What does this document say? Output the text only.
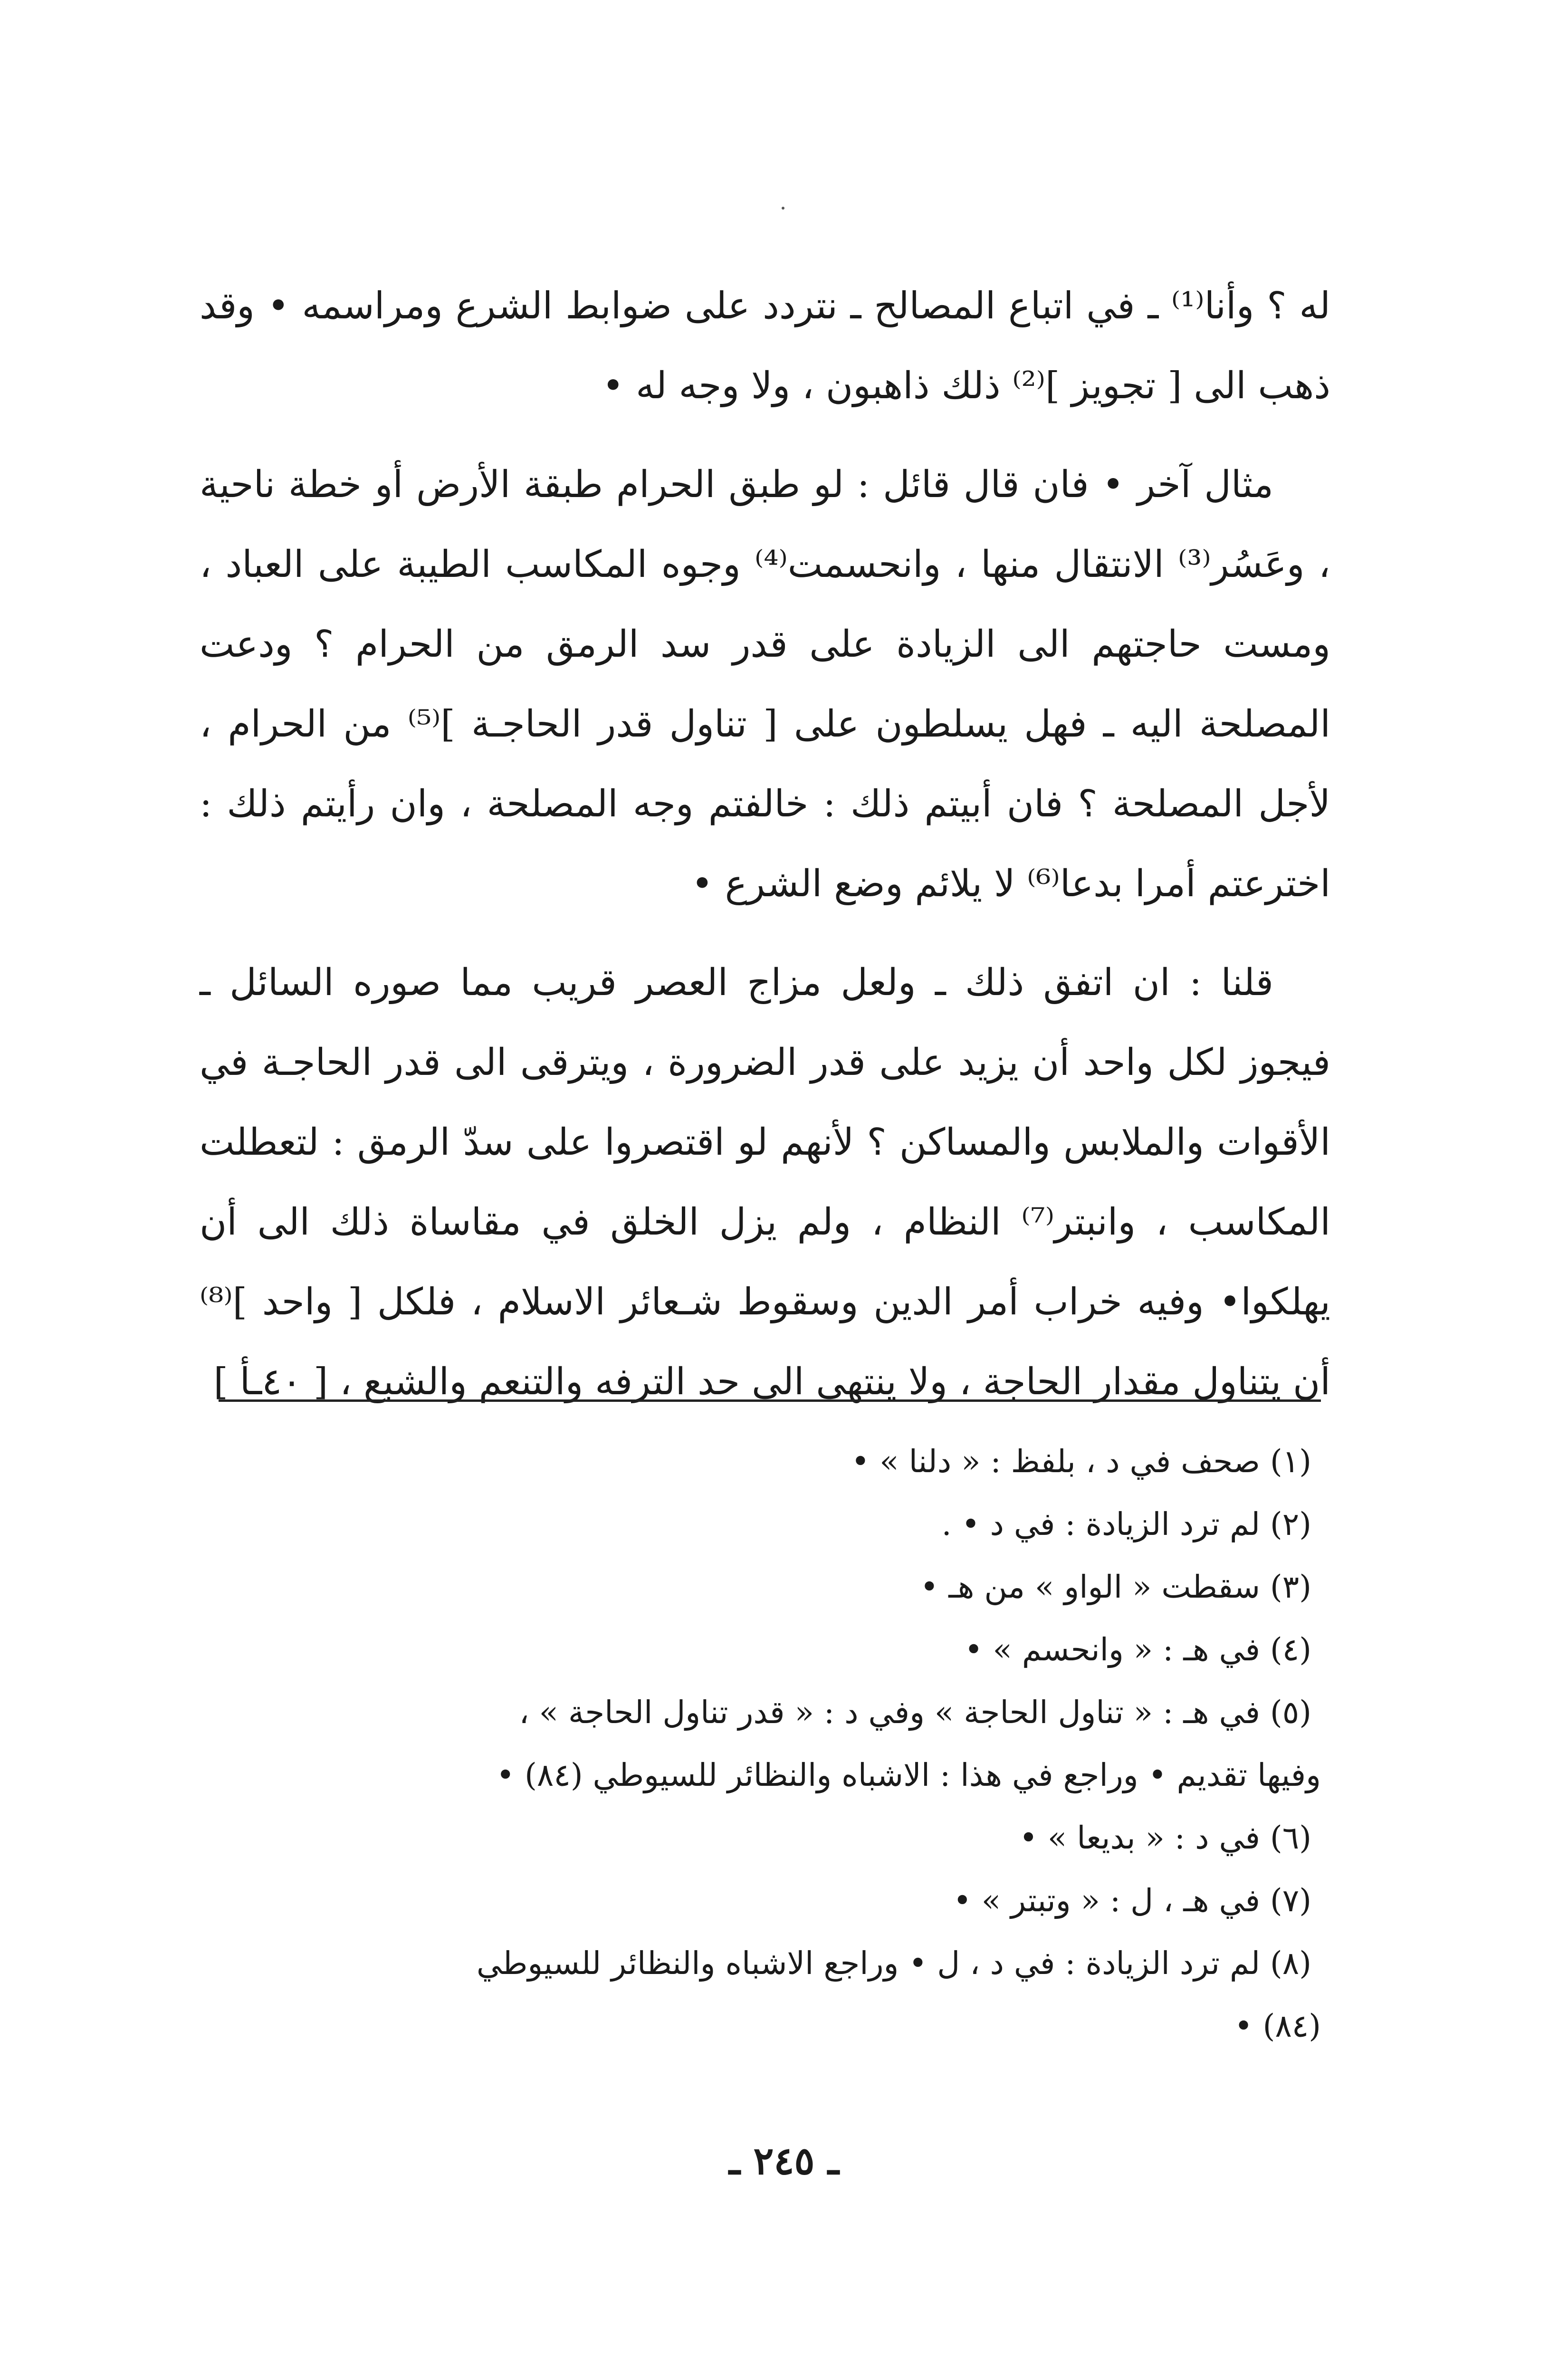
له ؟ وأنا⁽¹⁾ ـ في اتباع المصالح ـ نتردد على ضوابط الشرع ومراسمه • وقد ذهب الى [ تجويز ]⁽²⁾ ذلك ذاهبون ، ولا وجه له •

مثال آخر • فان قال قائل : لو طبق الحرام طبقة الأرض أو خطة ناحية ، وعَسُر⁽³⁾ الانتقال منها ، وانحسمت⁽⁴⁾ وجوه المكاسب الطيبة على العباد ، ومست حاجتهم الى الزيادة على قدر سد الرمق من الحرام ؟ ودعت المصلحة اليه ـ فهل يسلطون على [ تناول قدر الحاجـة ]⁽⁵⁾ من الحرام ، لأجل المصلحة ؟ فان أبيتم ذلك : خالفتم وجه المصلحة ، وان رأيتم ذلك : اخترعتم أمرا بدعا⁽⁶⁾ لا يلائم وضع الشرع •

قلنا : ان اتفق ذلك ـ ولعل مزاج العصر قريب مما صوره السائل ـ فيجوز لكل واحد أن يزيد على قدر الضرورة ، ويترقى الى قدر الحاجـة في الأقوات والملابس والمساكن ؟ لأنهم لو اقتصروا على سدّ الرمق : لتعطلت المكاسب ، وانبتر⁽⁷⁾ النظام ، ولم يزل الخلق في مقاساة ذلك الى أن يهلكوا• وفيه خراب أمر الدين وسقوط شـعائر الاسلام ، فلكل [ واحد ]⁽⁸⁾ أن يتناول مقدار الحاجة ، ولا ينتهى الى حد الترفه والتنعم والشبع ، [ ٤٠ـأ ]

(١) صحف في د ، بلفظ : « دلنا » •

(٢) لم ترد الزيادة : في د • .

(٣) سقطت « الواو » من هـ •

(٤) في هـ : « وانحسم » •

(٥) في هـ : « تناول الحاجة » وفي د : « قدر تناول الحاجة » ،

وفيها تقديم • وراجع في هذا : الاشباه والنظائر للسيوطي (٨٤) •

(٦) في د : « بديعا » •

(٧) في هـ ، ل : « وتبتر » •

(٨) لم ترد الزيادة : في د ، ل • وراجع الاشباه والنظائر للسيوطي

(٨٤) •

ـ ٢٤٥ ـ
